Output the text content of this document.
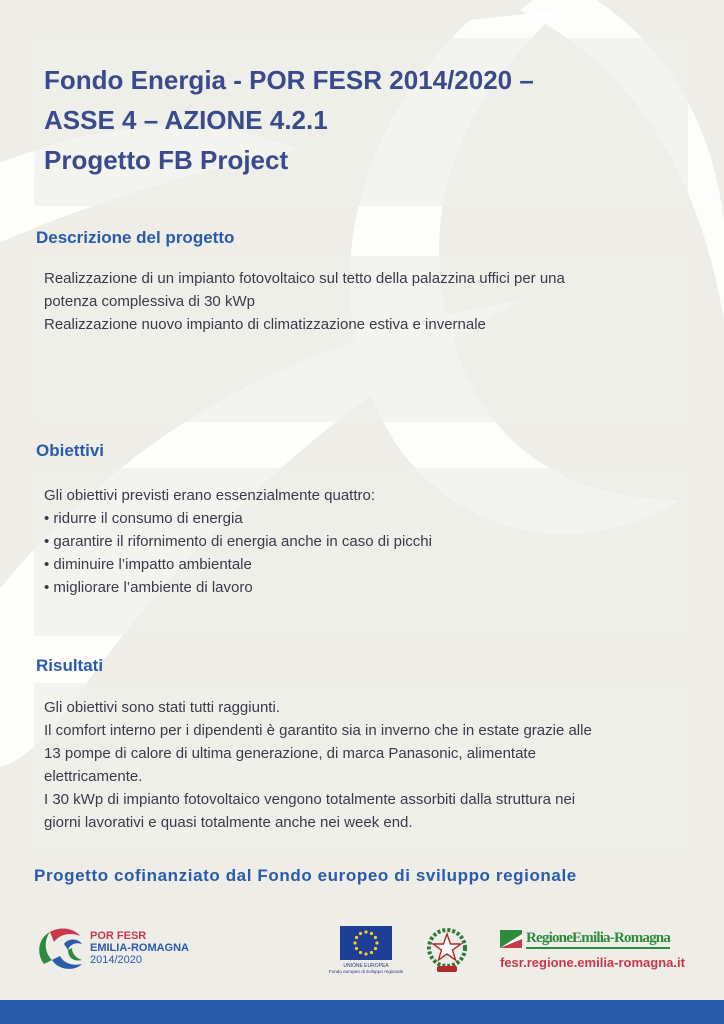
Fondo Energia - POR FESR 2014/2020 –
ASSE 4 – AZIONE 4.2.1
Progetto FB Project
Descrizione del progetto
Realizzazione di un impianto fotovoltaico sul tetto della palazzina uffici per una
potenza complessiva di 30 kWp
Realizzazione nuovo impianto di climatizzazione estiva e invernale
Obiettivi
Gli obiettivi previsti erano essenzialmente quattro:
• ridurre il consumo di energia
• garantire il rifornimento di energia anche in caso di picchi
• diminuire l’impatto ambientale
• migliorare l’ambiente di lavoro
Risultati
Gli obiettivi sono stati tutti raggiunti.
Il comfort interno per i dipendenti è garantito sia in inverno che in estate grazie alle
13 pompe di calore di ultima generazione, di marca Panasonic, alimentate
elettricamente.
I 30 kWp di impianto fotovoltaico vengono totalmente assorbiti dalla struttura nei
giorni lavorativi e quasi totalmente anche nei week end.

Progetto cofinanziato dal Fondo europeo di sviluppo regionale

POR FESR
EMILIA-ROMAGNA
2014/2020	UNIONE EUROPEA
Fondo europeo di sviluppo regionale
RegioneEmilia-Romagna
fesr.regione.emilia-romagna.it
